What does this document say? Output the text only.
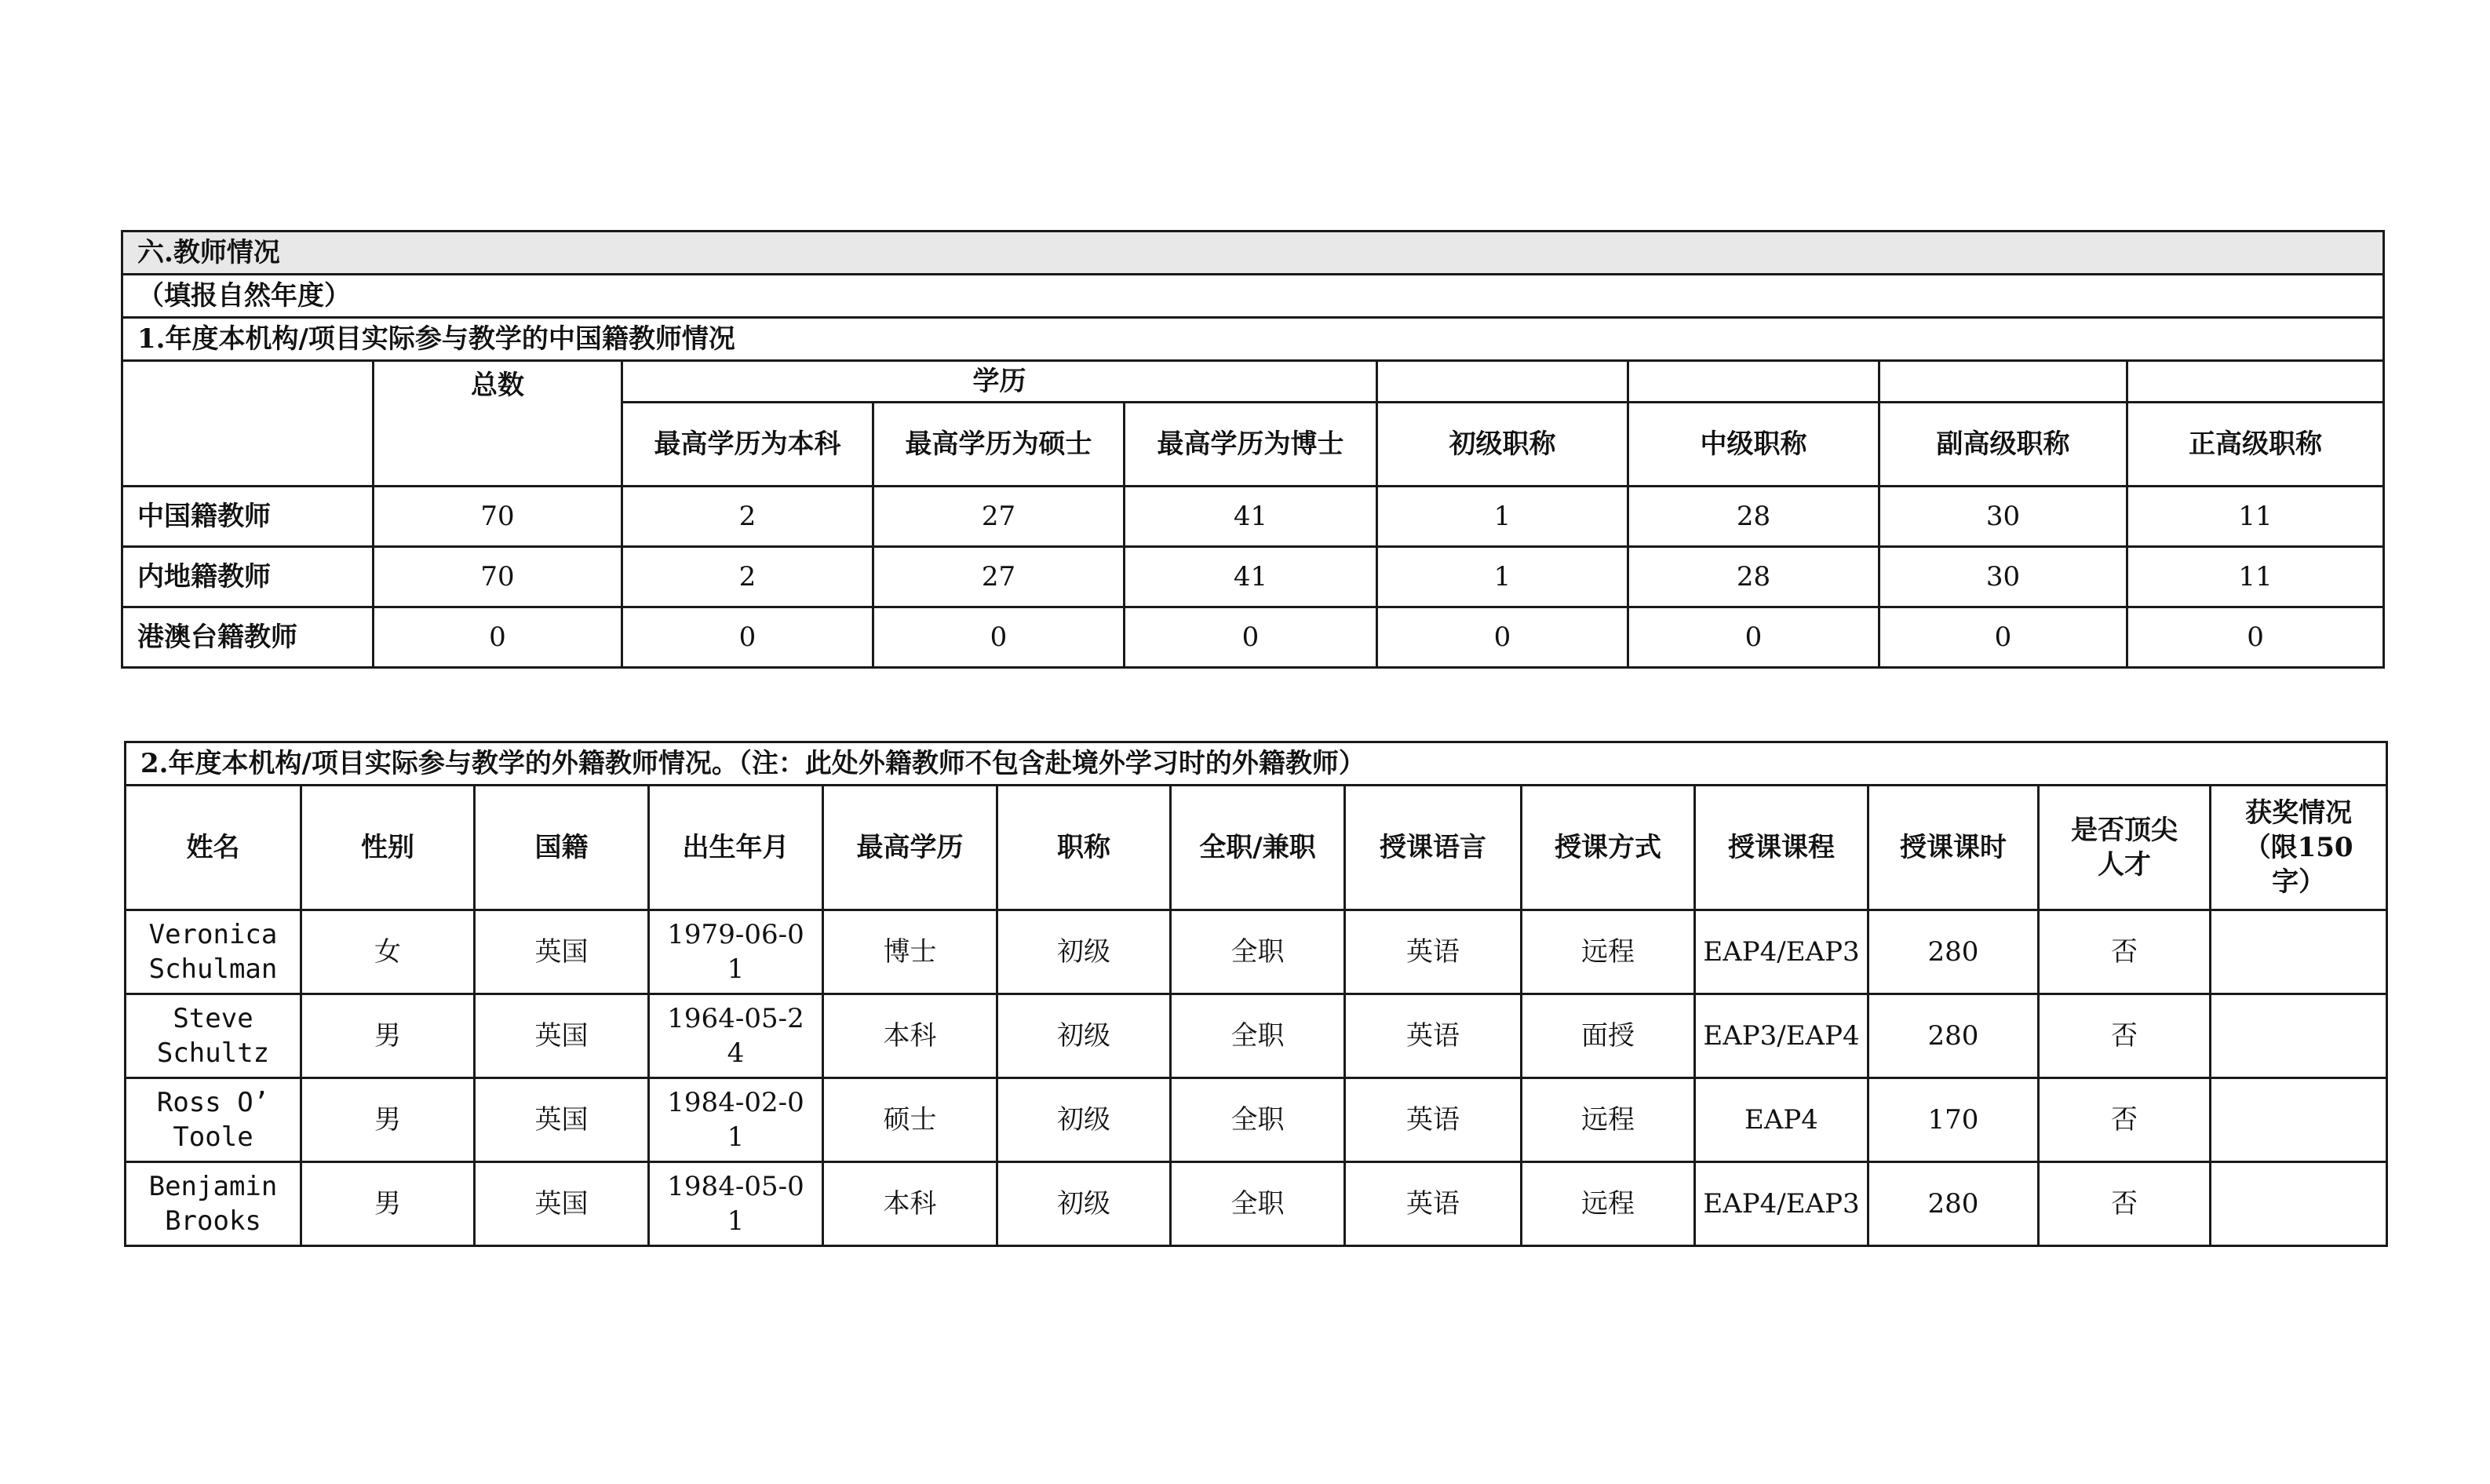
六.教师情况								
（填报自然年度）								
1.年度本机构/项目实际参与教学的中国籍教师情况								
	总数	学历						
		最高学历为本科	最高学历为硕士	最高学历为博士	初级职称	中级职称	副高级职称	正高级职称
中国籍教师	70	2	27	41	1	28	30	11
内地籍教师	70	2	27	41	1	28	30	11
港澳台籍教师	0	0	0	0	0	0	0	0
2.年度本机构/项目实际参与教学的外籍教师情况。（注：此处外籍教师不包含赴境外学习时的外籍教师）												
姓名	性别	国籍	出生年月	最高学历	职称	全职/兼职	授课语言	授课方式	授课课程	授课课时	是否顶尖人才	获奖情况（限150字）
Veronica Schulman	女	英国	1979-06-01	博士	初级	全职	英语	远程	EAP4/EAP3	280	否	
Steve Schultz	男	英国	1964-05-24	本科	初级	全职	英语	面授	EAP3/EAP4	280	否	
Ross O’ Toole	男	英国	1984-02-01	硕士	初级	全职	英语	远程	EAP4	170	否	
Benjamin Brooks	男	英国	1984-05-01	本科	初级	全职	英语	远程	EAP4/EAP3	280	否	
